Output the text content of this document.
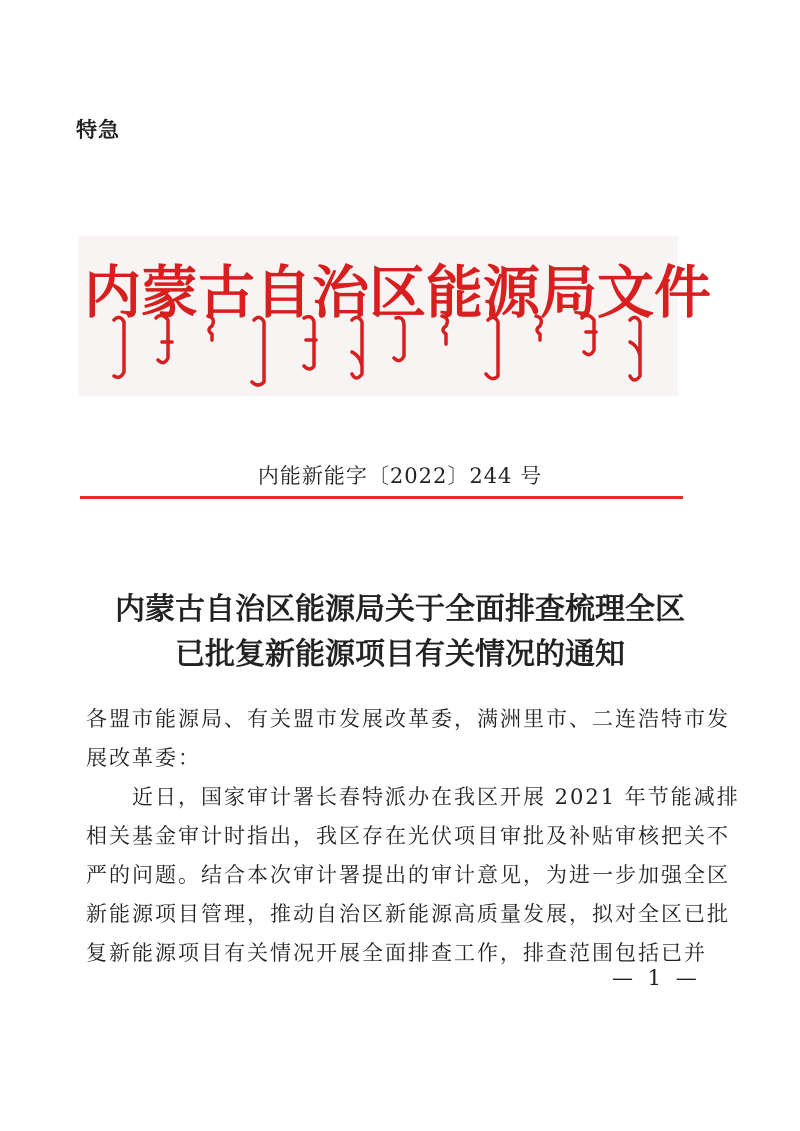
特急
内蒙古自治区能源局文件
内能新能字〔2022〕244 号
内蒙古自治区能源局关于全面排查梳理全区
已批复新能源项目有关情况的通知
各盟市能源局、有关盟市发展改革委，满洲里市、二连浩特市发
展改革委：
　　近日，国家审计署长春特派办在我区开展 2021 年节能减排
相关基金审计时指出，我区存在光伏项目审批及补贴审核把关不
严的问题。结合本次审计署提出的审计意见，为进一步加强全区
新能源项目管理，推动自治区新能源高质量发展，拟对全区已批
复新能源项目有关情况开展全面排查工作，排查范围包括已并
— 1 —
